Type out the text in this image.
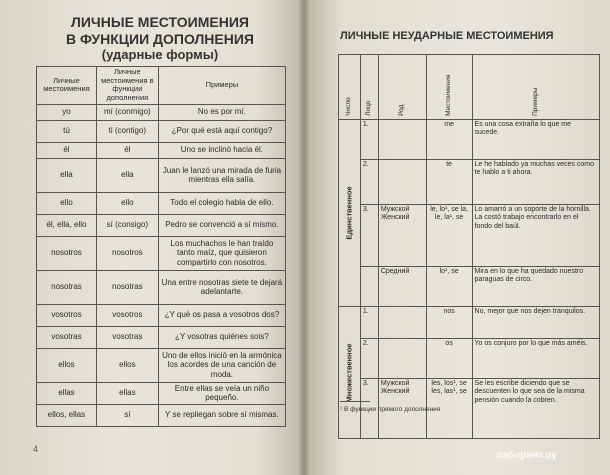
ЛИЧНЫЕ МЕСТОИМЕНИЯ
В ФУНКЦИИ ДОПОЛНЕНИЯ
(ударные формы)
Личные местоимения	Личные местоимения в функции дополнения	Примеры
yo	mí (conmigo)	No es por mí.
tú	ti (contigo)	¿Por qué está aquí contigo?
él	él	Uno se inclinó hacia él.
ella	ella	Juan le lanzó una mirada de furia mientras ella salía.
ello	ello	Todo el colegio habla de ello.
él, ella, ello	sí (consigo)	Pedro se convenció a sí mismo.
nosotros	nosotros	Los muchachos le han traído tanto maíz, que quisieron compartirlo con nosotros.
nosotras	nosotras	Una entre nosotras siete te dejará adelantarte.
vosotros	vosotros	¿Y qué os pasa a vosotros dos?
vosotras	vosotras	¿Y vosotras quiénes sois?
ellos	ellos	Uno de ellos inició en la armónica los acordes de una canción de moda.
ellas	ellas	Entre ellas se veía un niño pequeño.
ellos, ellas	sí	Y se repliegan sobre sí mismas.
4
ЛИЧНЫЕ НЕУДАРНЫЕ МЕСТОИМЕНИЯ
Число	Лицо	Род	Местоимения	Примеры

Единственное	1.		me	Es una cosa extraña lo que me sucede.
	2.		te	Le he hablado ya muchas veces como te hablo a ti ahora.
	3.	Мужской Женский	le, lo¹, se la, le, la¹, se	Lo amarró a un soporte de la hornilla. La costó trabajo encontrarlo en el fondo del baúl.
		Средний	lo¹, se	Mira en lo que ha quedado nuestro paraguas de circo.

Множественное	1.		nos	No, mejor que nos dejen tranquilos.
	2.		os	Yo os conjuro por lo que más améis.
	3.	Мужской Женский	les, los¹, se les, las¹, se	Se les escribe diciendo que se descuenten lo que sea de la misma pensión cuando la cobren.
¹ В функции прямого дополнения
лабиринт.ру
